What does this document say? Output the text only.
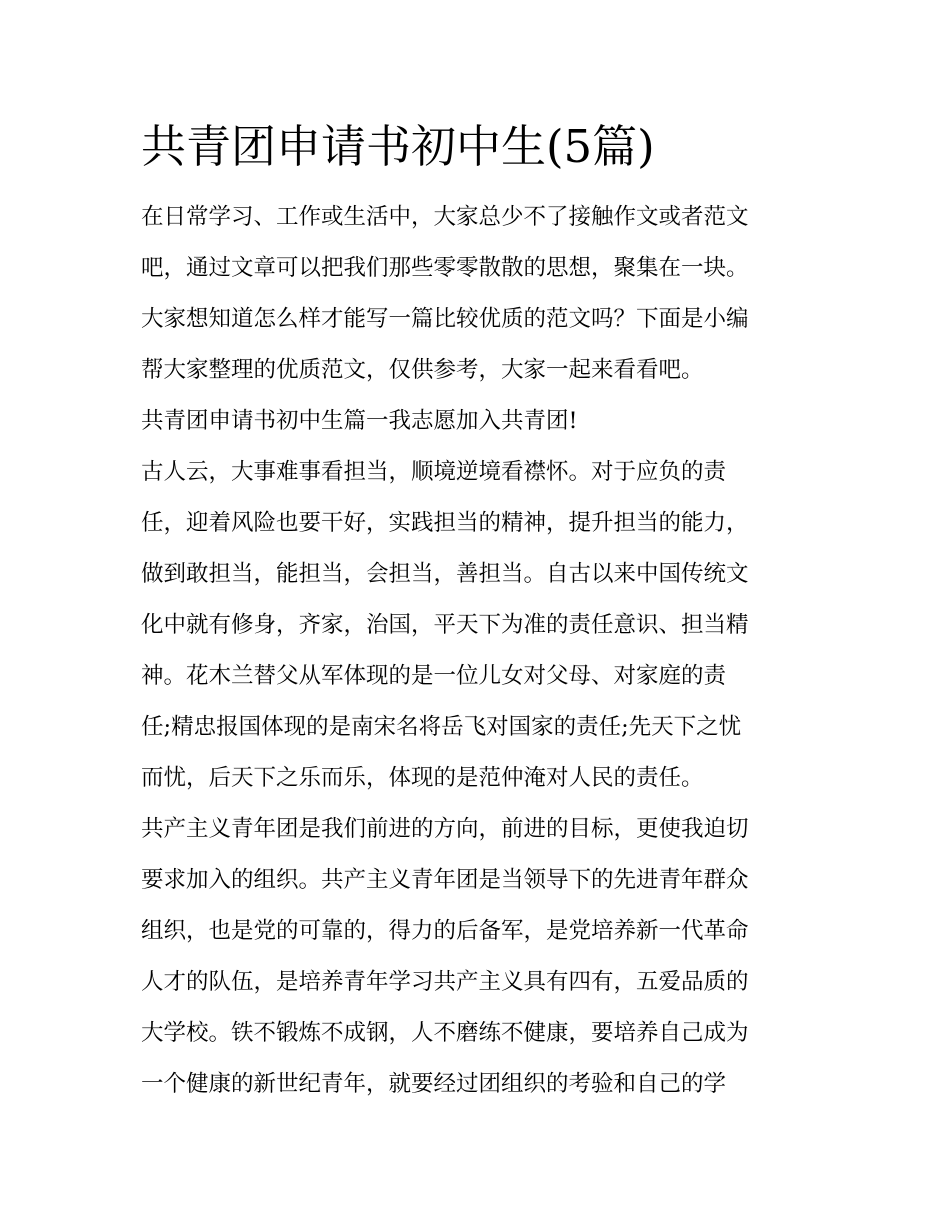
共青团申请书初中生(5篇)

在日常学习、工作或生活中，大家总少不了接触作文或者范文
吧，通过文章可以把我们那些零零散散的思想，聚集在一块。
大家想知道怎么样才能写一篇比较优质的范文吗？下面是小编
帮大家整理的优质范文，仅供参考，大家一起来看看吧。

共青团申请书初中生篇一我志愿加入共青团!

古人云，大事难事看担当，顺境逆境看襟怀。对于应负的责
任，迎着风险也要干好，实践担当的精神，提升担当的能力，
做到敢担当，能担当，会担当，善担当。自古以来中国传统文
化中就有修身，齐家，治国，平天下为准的责任意识、担当精
神。花木兰替父从军体现的是一位儿女对父母、对家庭的责
任;精忠报国体现的是南宋名将岳飞对国家的责任;先天下之忧
而忧，后天下之乐而乐，体现的是范仲淹对人民的责任。

共产主义青年团是我们前进的方向，前进的目标，更使我迫切
要求加入的组织。共产主义青年团是当领导下的先进青年群众
组织，也是党的可靠的，得力的后备军，是党培养新一代革命
人才的队伍，是培养青年学习共产主义具有四有，五爱品质的
大学校。铁不锻炼不成钢，人不磨练不健康，要培养自己成为
一个健康的新世纪青年，就要经过团组织的考验和自己的学
